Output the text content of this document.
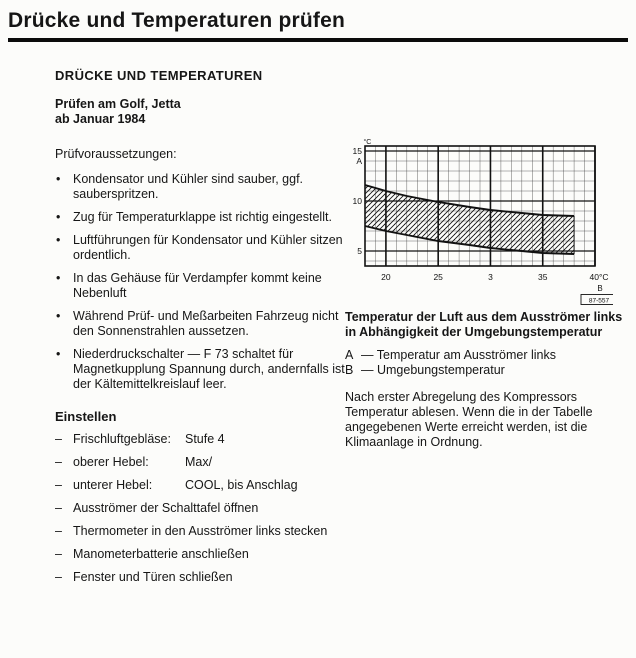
Drücke und Temperaturen prüfen
DRÜCKE UND TEMPERATUREN
Prüfen am Golf, Jetta
ab Januar 1984
Prüfvoraussetzungen:
• Kondensator und Kühler sind sauber, ggf. sauberspritzen.
• Zug für Temperaturklappe ist richtig eingestellt.
• Luftführungen für Kondensator und Kühler sitzen ordentlich.
• In das Gehäuse für Verdampfer kommt keine Nebenluft
• Während Prüf- und Meßarbeiten Fahrzeug nicht den Sonnenstrahlen aussetzen.
• Niederdruckschalter — F 73 schaltet für Magnetkupplung Spannung durch, andernfalls ist der Kältemittelkreislauf leer.
Einstellen
– Frischluftgebläse: Stufe 4
– oberer Hebel:	Max/
– unterer Hebel:	COOL, bis Anschlag
– Ausströmer der Schalttafel öffnen
– Thermometer in den Ausströmer links stecken
– Manometerbatterie anschließen
– Fenster und Türen schließen
5
10
15
°C
A
20	25	3	35	40°C
B
87-557
Temperatur der Luft aus dem Ausströmer links in Abhängigkeit der Umgebungstemperatur
A — Temperatur am Ausströmer links
B — Umgebungstemperatur
Nach erster Abregelung des Kompressors Temperatur ablesen. Wenn die in der Tabelle angegebenen Werte erreicht werden, ist die Klimaanlage in Ordnung.
